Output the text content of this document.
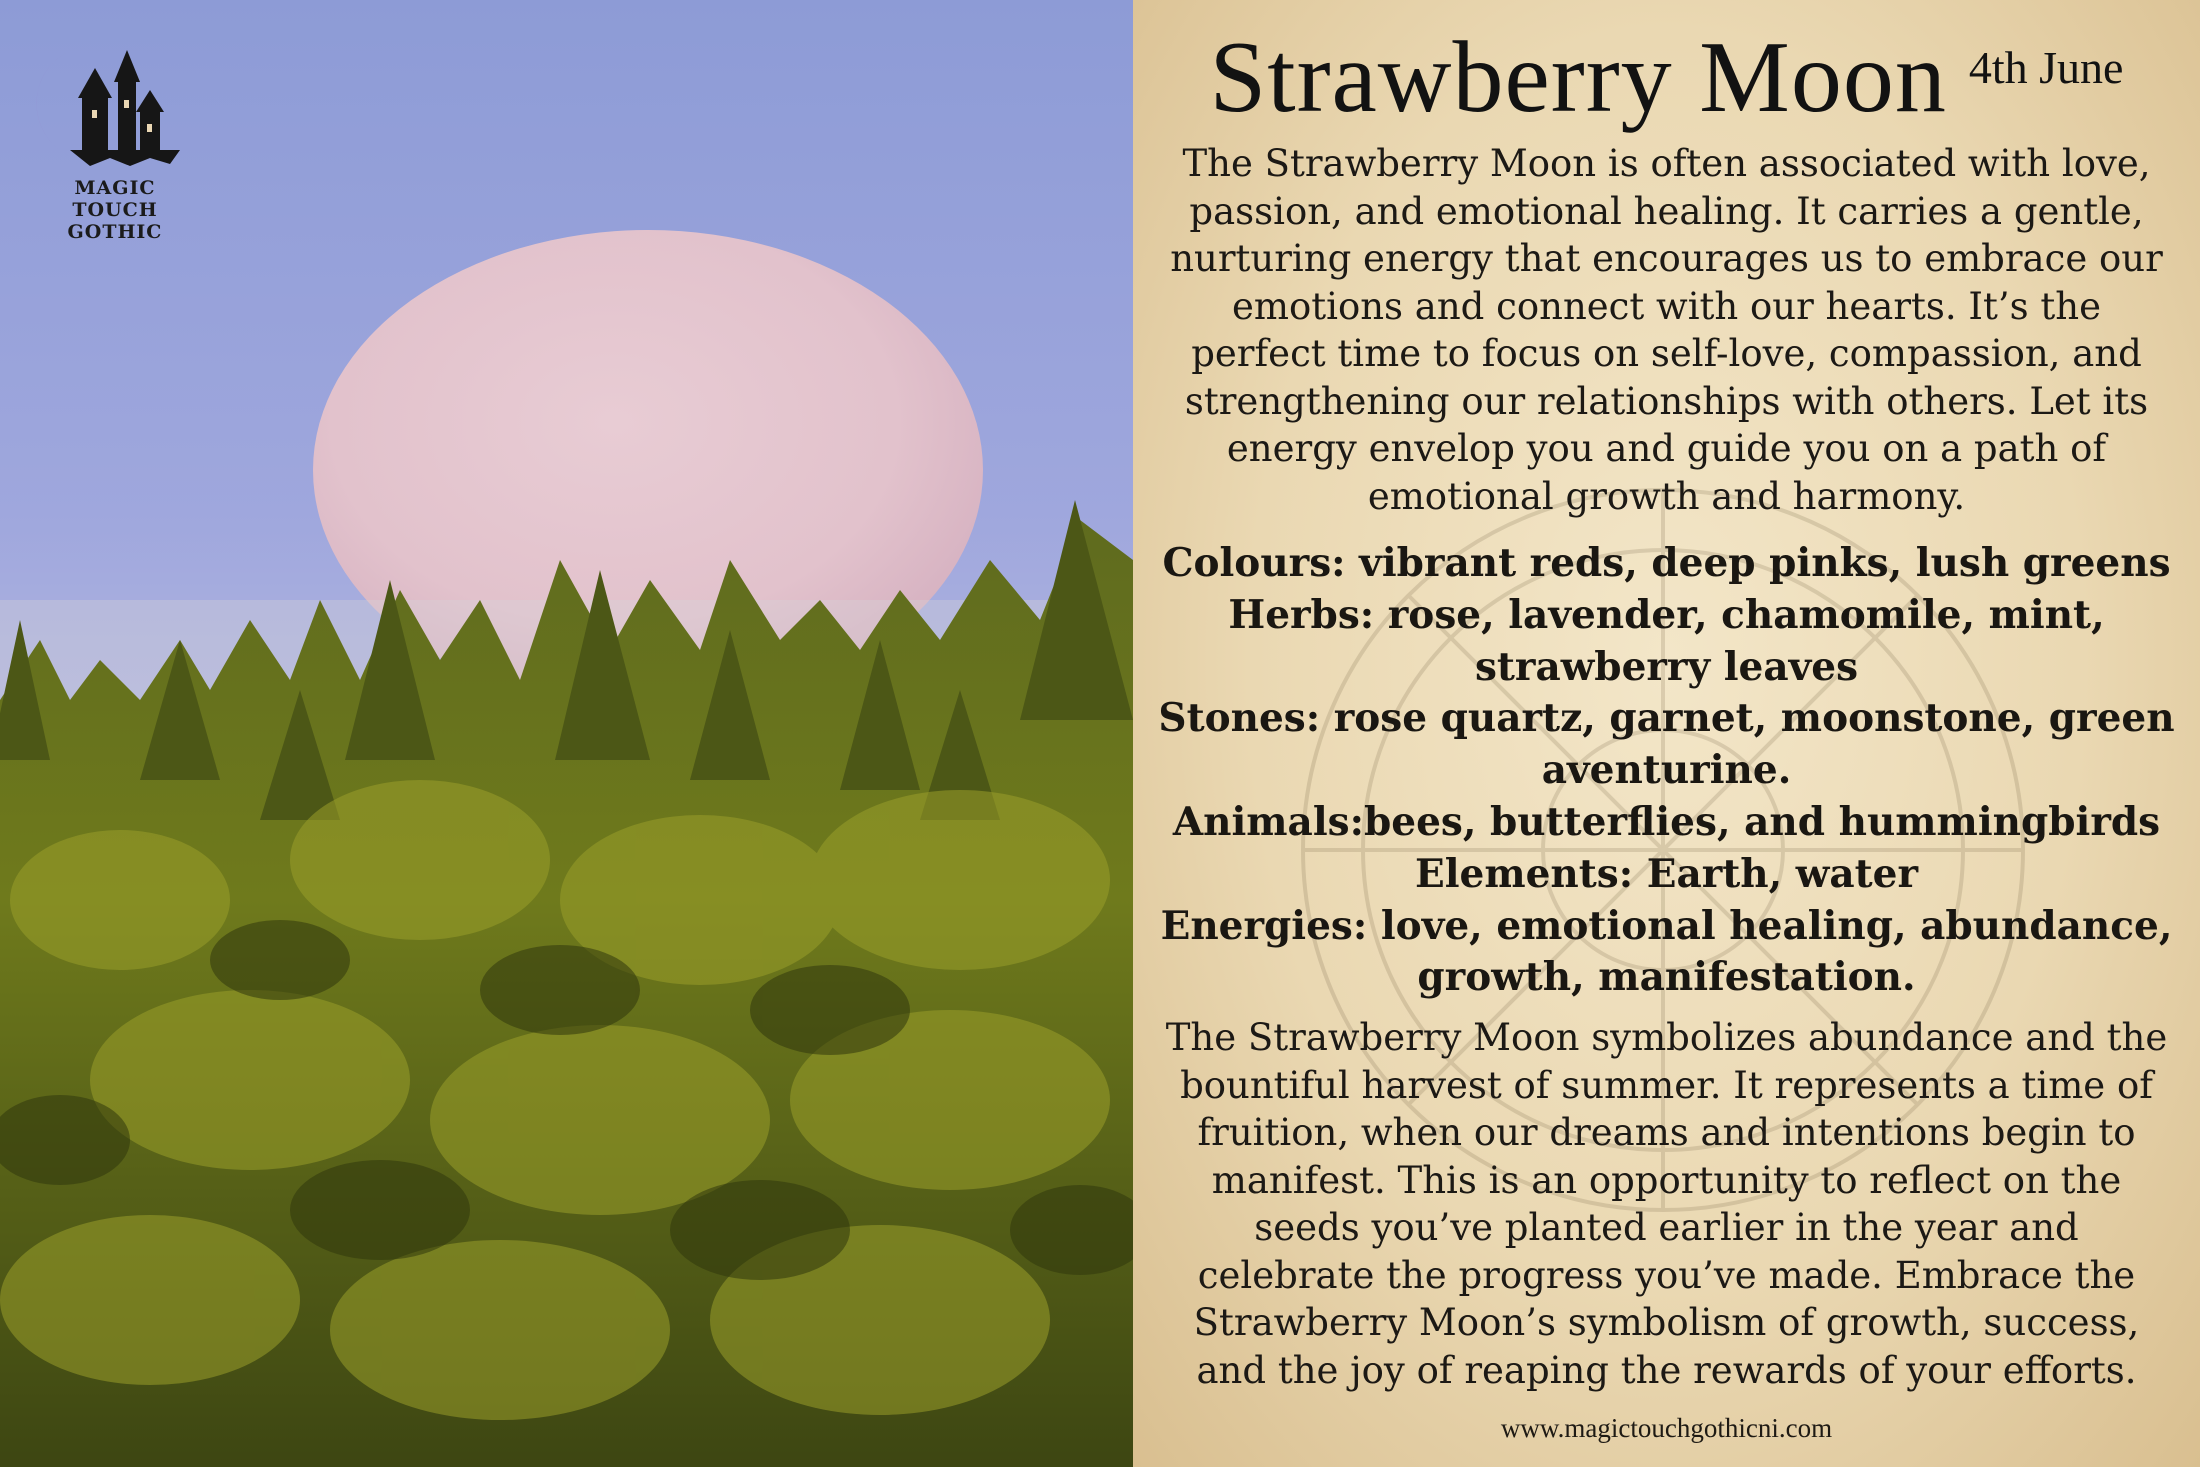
MAGIC TOUCH
GOTHIC
Strawberry Moon 4th June
The Strawberry Moon is often associated with love, passion, and emotional healing. It carries a gentle, nurturing energy that encourages us to embrace our emotions and connect with our hearts. It’s the perfect time to focus on self-love, compassion, and strengthening our relationships with others. Let its energy envelop you and guide you on a path of emotional growth and harmony.
Colours: vibrant reds, deep pinks, lush greens
Herbs: rose, lavender, chamomile, mint, strawberry leaves
Stones: rose quartz, garnet, moonstone, green aventurine.
Animals:bees, butterflies, and hummingbirds
Elements: Earth, water
Energies: love, emotional healing, abundance, growth, manifestation.
The Strawberry Moon symbolizes abundance and the bountiful harvest of summer. It represents a time of fruition, when our dreams and intentions begin to manifest. This is an opportunity to reflect on the seeds you’ve planted earlier in the year and celebrate the progress you’ve made. Embrace the Strawberry Moon’s symbolism of growth, success, and the joy of reaping the rewards of your efforts.
www.magictouchgothicni.com
